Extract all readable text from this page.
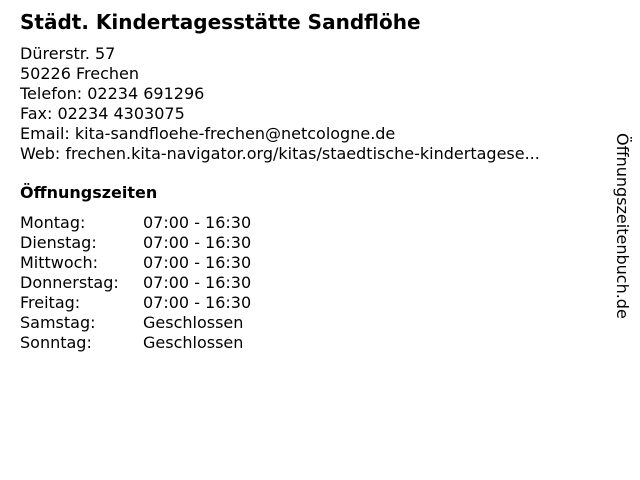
Städt. Kindertagesstätte Sandflöhe
Dürerstr. 57
50226 Frechen
Telefon: 02234 691296
Fax: 02234 4303075
Email: kita-sandfloehe-frechen@netcologne.de
Web: frechen.kita-navigator.org/kitas/staedtische-kindertagese...
Öffnungszeiten
Montag:	07:00 - 16:30
Dienstag:	07:00 - 16:30
Mittwoch:	07:00 - 16:30
Donnerstag:	07:00 - 16:30
Freitag:	07:00 - 16:30
Samstag:	Geschlossen
Sonntag:	Geschlossen
Öffnungszeitenbuch.de
